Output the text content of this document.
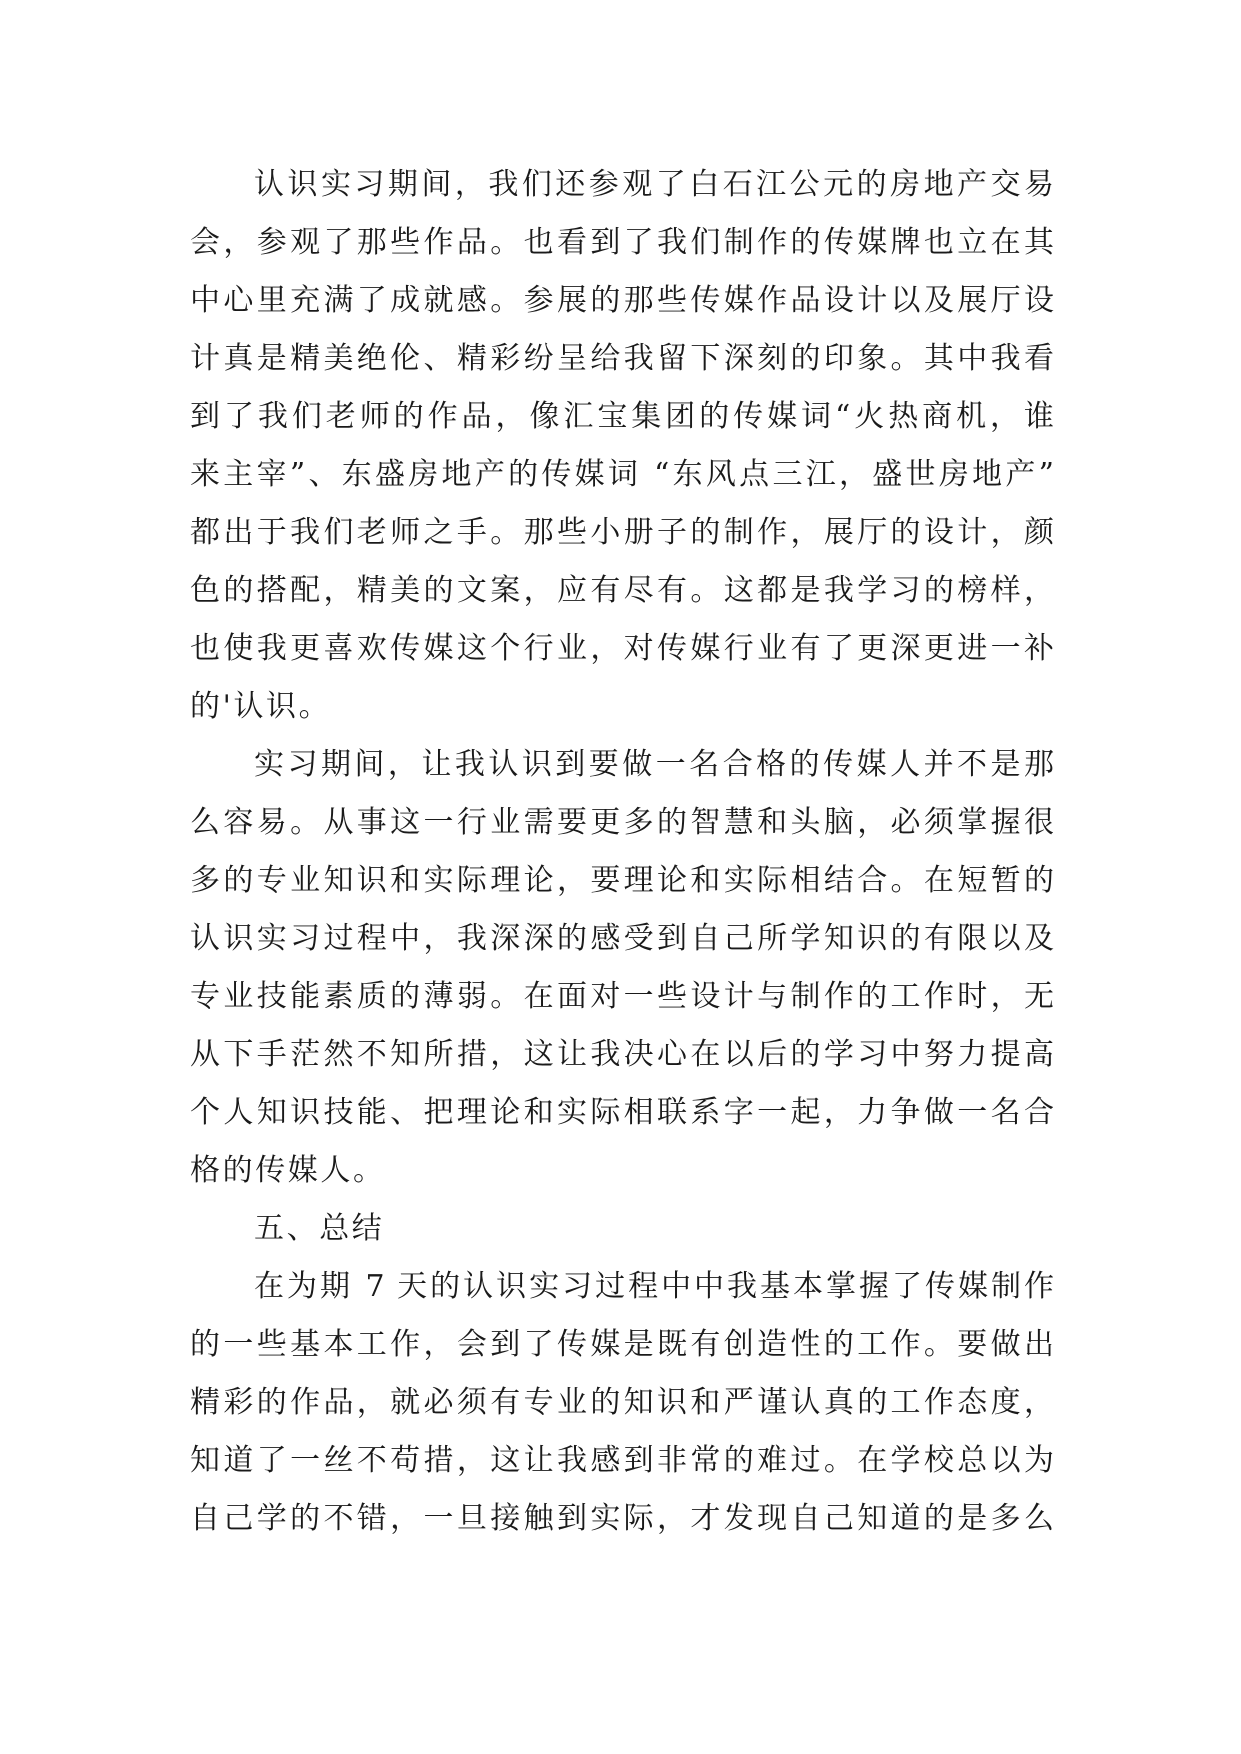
认识实习期间，我们还参观了白石江公元的房地产交易
会，参观了那些作品。也看到了我们制作的传媒牌也立在其
中心里充满了成就感。参展的那些传媒作品设计以及展厅设
计真是精美绝伦、精彩纷呈给我留下深刻的印象。其中我看
到了我们老师的作品，像汇宝集团的传媒词“火热商机，谁
来主宰”、东盛房地产的传媒词 “东风点三江，盛世房地产”
都出于我们老师之手。那些小册子的制作，展厅的设计，颜
色的搭配，精美的文案，应有尽有。这都是我学习的榜样，
也使我更喜欢传媒这个行业，对传媒行业有了更深更进一补
的'认识。
实习期间，让我认识到要做一名合格的传媒人并不是那
么容易。从事这一行业需要更多的智慧和头脑，必须掌握很
多的专业知识和实际理论，要理论和实际相结合。在短暂的
认识实习过程中，我深深的感受到自己所学知识的有限以及
专业技能素质的薄弱。在面对一些设计与制作的工作时，无
从下手茫然不知所措，这让我决心在以后的学习中努力提高
个人知识技能、把理论和实际相联系字一起，力争做一名合
格的传媒人。
五、总结
在为期 7 天的认识实习过程中中我基本掌握了传媒制作
的一些基本工作，会到了传媒是既有创造性的工作。要做出
精彩的作品，就必须有专业的知识和严谨认真的工作态度，
知道了一丝不苟措，这让我感到非常的难过。在学校总以为
自己学的不错，一旦接触到实际，才发现自己知道的是多么
